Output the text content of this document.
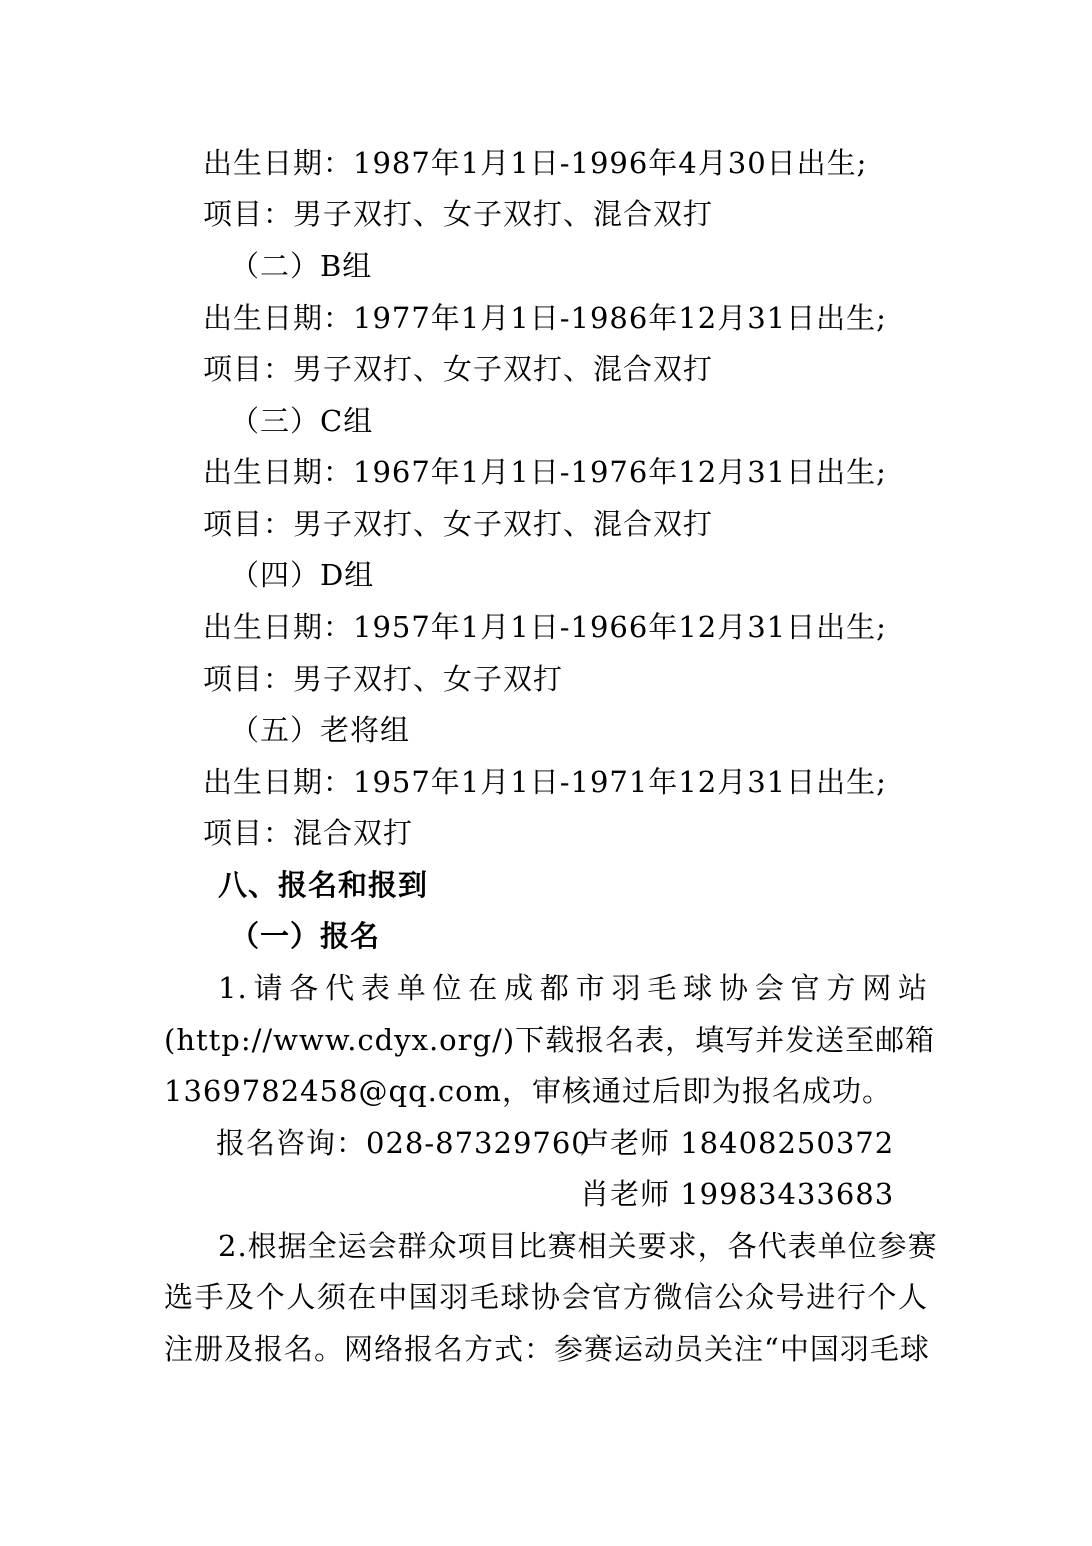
出生日期：1987年1月1日-1996年4月30日出生;
项目：男子双打、女子双打、混合双打
（二）B组
出生日期：1977年1月1日-1986年12月31日出生;
项目：男子双打、女子双打、混合双打
（三）C组
出生日期：1967年1月1日-1976年12月31日出生;
项目：男子双打、女子双打、混合双打
（四）D组
出生日期：1957年1月1日-1966年12月31日出生;
项目：男子双打、女子双打
（五）老将组
出生日期：1957年1月1日-1971年12月31日出生;
项目：混合双打
八、报名和报到
（一）报名
1.请各代表单位在成都市羽毛球协会官方网站
(http://www.cdyx.org/)下载报名表，填写并发送至邮箱
1369782458@qq.com，审核通过后即为报名成功。
报名咨询：028-87329760
卢老师 18408250372
肖老师 19983433683
2.根据全运会群众项目比赛相关要求，各代表单位参赛
选手及个人须在中国羽毛球协会官方微信公众号进行个人
注册及报名。网络报名方式：参赛运动员关注“中国羽毛球
